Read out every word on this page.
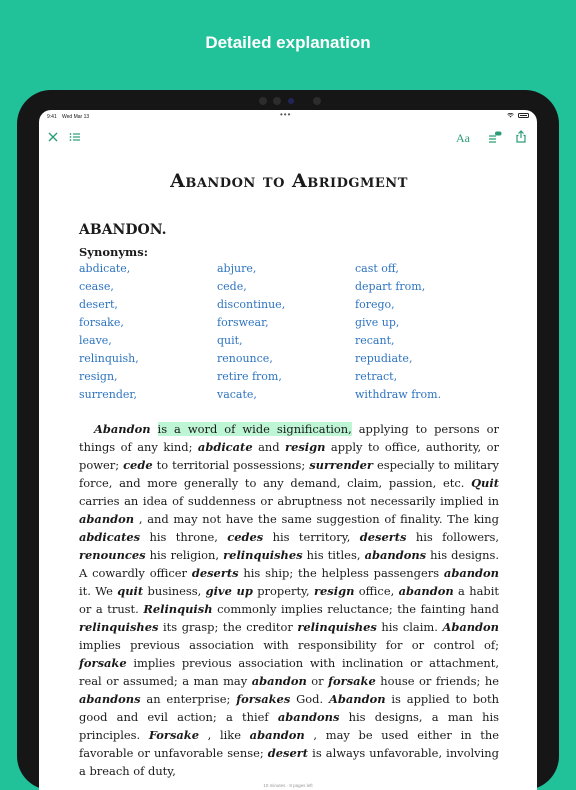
Detailed explanation
9:41 Wed Mar 13	•••
Aa
Abandon to Abridgment
ABANDON.
Synonyms:
abdicate,	abjure,	cast off,
cease,	cede,	depart from,
desert,	discontinue,	forego,
forsake,	forswear,	give up,
leave,	quit,	recant,
relinquish,	renounce,	repudiate,
resign,	retire from,	retract,
surrender,	vacate,	withdraw from.

Abandon is a word of wide signification, applying to persons or things of any kind; abdicate and resign apply to office, authority, or power; cede to territorial possessions; surrender especially to military force, and more generally to any demand, claim, passion, etc. Quit carries an idea of suddenness or abruptness not necessarily implied in abandon , and may not have the same suggestion of finality. The king abdicates his throne, cedes his territory, deserts his followers, renounces his religion, relinquishes his titles, abandons his designs. A cowardly officer deserts his ship; the helpless passengers abandon it. We quit business, give up property, resign office, abandon a habit or a trust. Relinquish commonly implies reluctance; the fainting hand relinquishes its grasp; the creditor relinquishes his claim. Abandon implies previous association with responsibility for or control of; forsake implies previous association with inclination or attachment, real or assumed; a man may abandon or forsake house or friends; he abandons an enterprise; forsakes God. Abandon is applied to both good and evil action; a thief abandons his designs, a man his principles. Forsake , like abandon , may be used either in the favorable or unfavorable sense; desert is always unfavorable, involving a breach of duty,

10 minutes · 8 pages left
